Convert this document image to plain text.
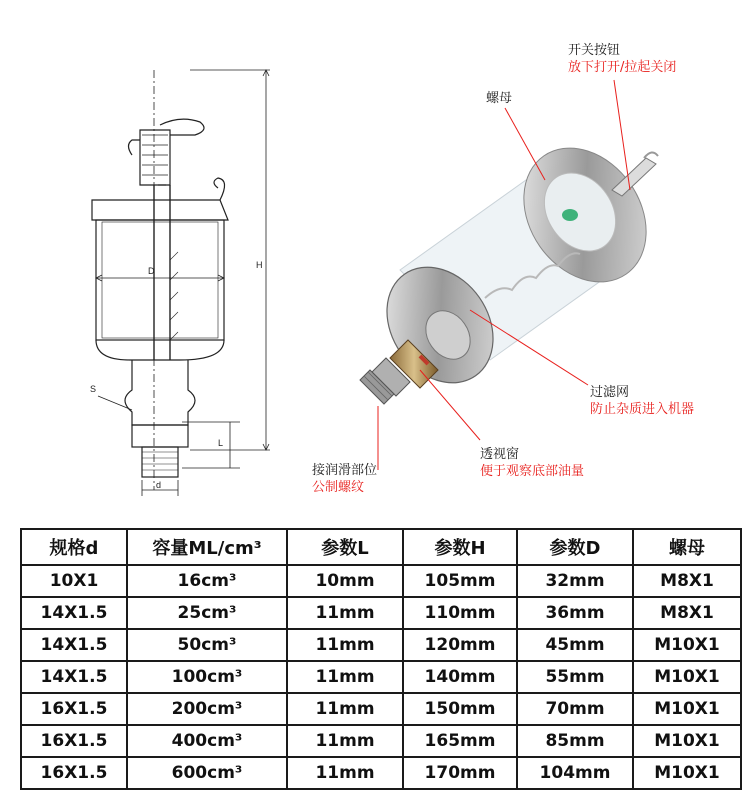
H
D
S
L
d
开关按钮
放下打开/拉起关闭
螺母
过滤网
防止杂质进入机器
透视窗
便于观察底部油量
接润滑部位
公制螺纹
规格d	容量ML/cm³	参数L	参数H	参数D	螺母
10X1	16cm³	10mm	105mm	32mm	M8X1
14X1.5	25cm³	11mm	110mm	36mm	M8X1
14X1.5	50cm³	11mm	120mm	45mm	M10X1
14X1.5	100cm³	11mm	140mm	55mm	M10X1
16X1.5	200cm³	11mm	150mm	70mm	M10X1
16X1.5	400cm³	11mm	165mm	85mm	M10X1
16X1.5	600cm³	11mm	170mm	104mm	M10X1
